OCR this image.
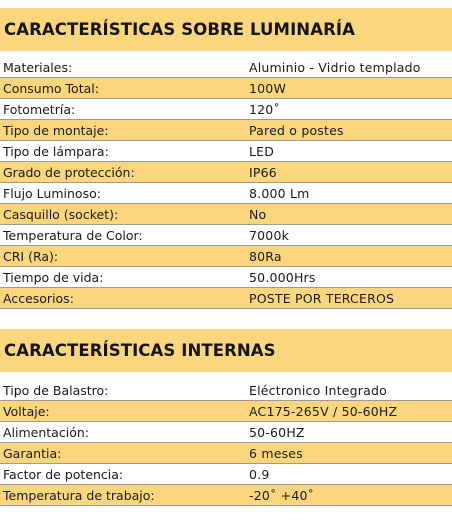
CARACTERÍSTICAS SOBRE LUMINARÍA
Materiales:	Aluminio - Vidrio templado
Consumo Total:	100W
Fotometría:	120˚
Tipo de montaje:	Pared o postes
Tipo de lámpara:	LED
Grado de protección:	IP66
Flujo Luminoso:	8.000 Lm
Casquillo (socket):	No
Temperatura de Color:	7000k
CRI (Ra):	80Ra
Tiempo de vida:	50.000Hrs
Accesorios:	POSTE POR TERCEROS
CARACTERÍSTICAS INTERNAS
Tipo de Balastro:	Eléctronico Integrado
Voltaje:	AC175-265V / 50-60HZ
Alimentación:	50-60HZ
Garantia:	6 meses
Factor de potencia:	0.9
Temperatura de trabajo:	-20˚ +40˚
